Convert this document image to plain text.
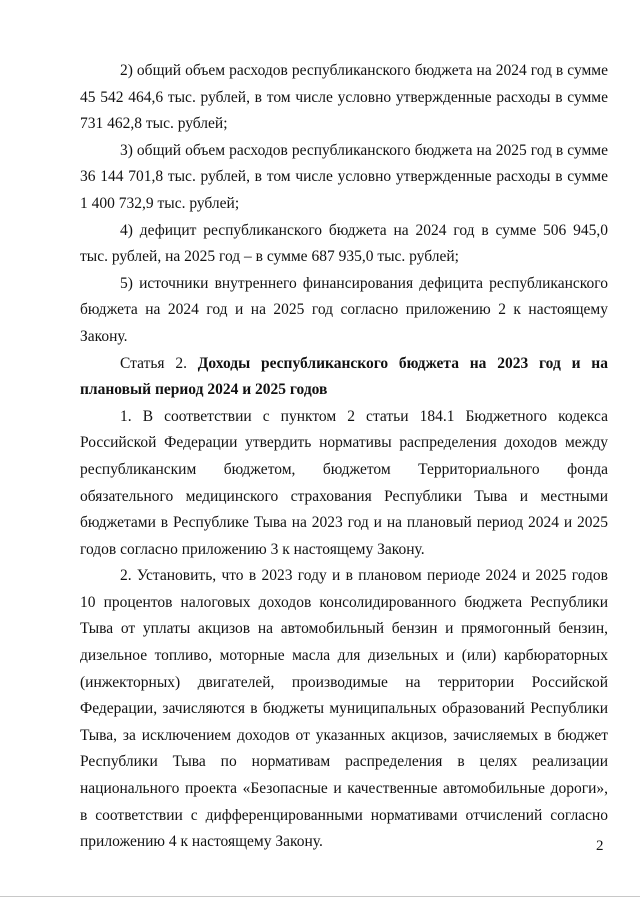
2) общий объем расходов республиканского бюджета на 2024 год в сумме 45 542 464,6 тыс. рублей, в том числе условно утвержденные расходы в сумме 731 462,8 тыс. рублей;

3) общий объем расходов республиканского бюджета на 2025 год в сумме 36 144 701,8 тыс. рублей, в том числе условно утвержденные расходы в сумме 1 400 732,9 тыс. рублей;

4) дефицит республиканского бюджета на 2024 год в сумме 506 945,0 тыс. рублей, на 2025 год – в сумме 687 935,0 тыс. рублей;

5) источники внутреннего финансирования дефицита республиканского бюджета на 2024 год и на 2025 год согласно приложению 2 к настоящему Закону.

Статья 2. Доходы республиканского бюджета на 2023 год и на плановый период 2024 и 2025 годов

1. В соответствии с пунктом 2 статьи 184.1 Бюджетного кодекса Российской Федерации утвердить нормативы распределения доходов между республиканским бюджетом, бюджетом Территориального фонда обязательного медицинского страхования Республики Тыва и местными бюджетами в Республике Тыва на 2023 год и на плановый период 2024 и 2025 годов согласно приложению 3 к настоящему Закону.

2. Установить, что в 2023 году и в плановом периоде 2024 и 2025 годов 10 процентов налоговых доходов консолидированного бюджета Республики Тыва от уплаты акцизов на автомобильный бензин и прямогонный бензин, дизельное топливо, моторные масла для дизельных и (или) карбюраторных (инжекторных) двигателей, производимые на территории Российской Федерации, зачисляются в бюджеты муниципальных образований Республики Тыва, за исключением доходов от указанных акцизов, зачисляемых в бюджет Республики Тыва по нормативам распределения в целях реализации национального проекта «Безопасные и качественные автомобильные дороги», в соответствии с дифференцированными нормативами отчислений согласно приложению 4 к настоящему Закону.	2
